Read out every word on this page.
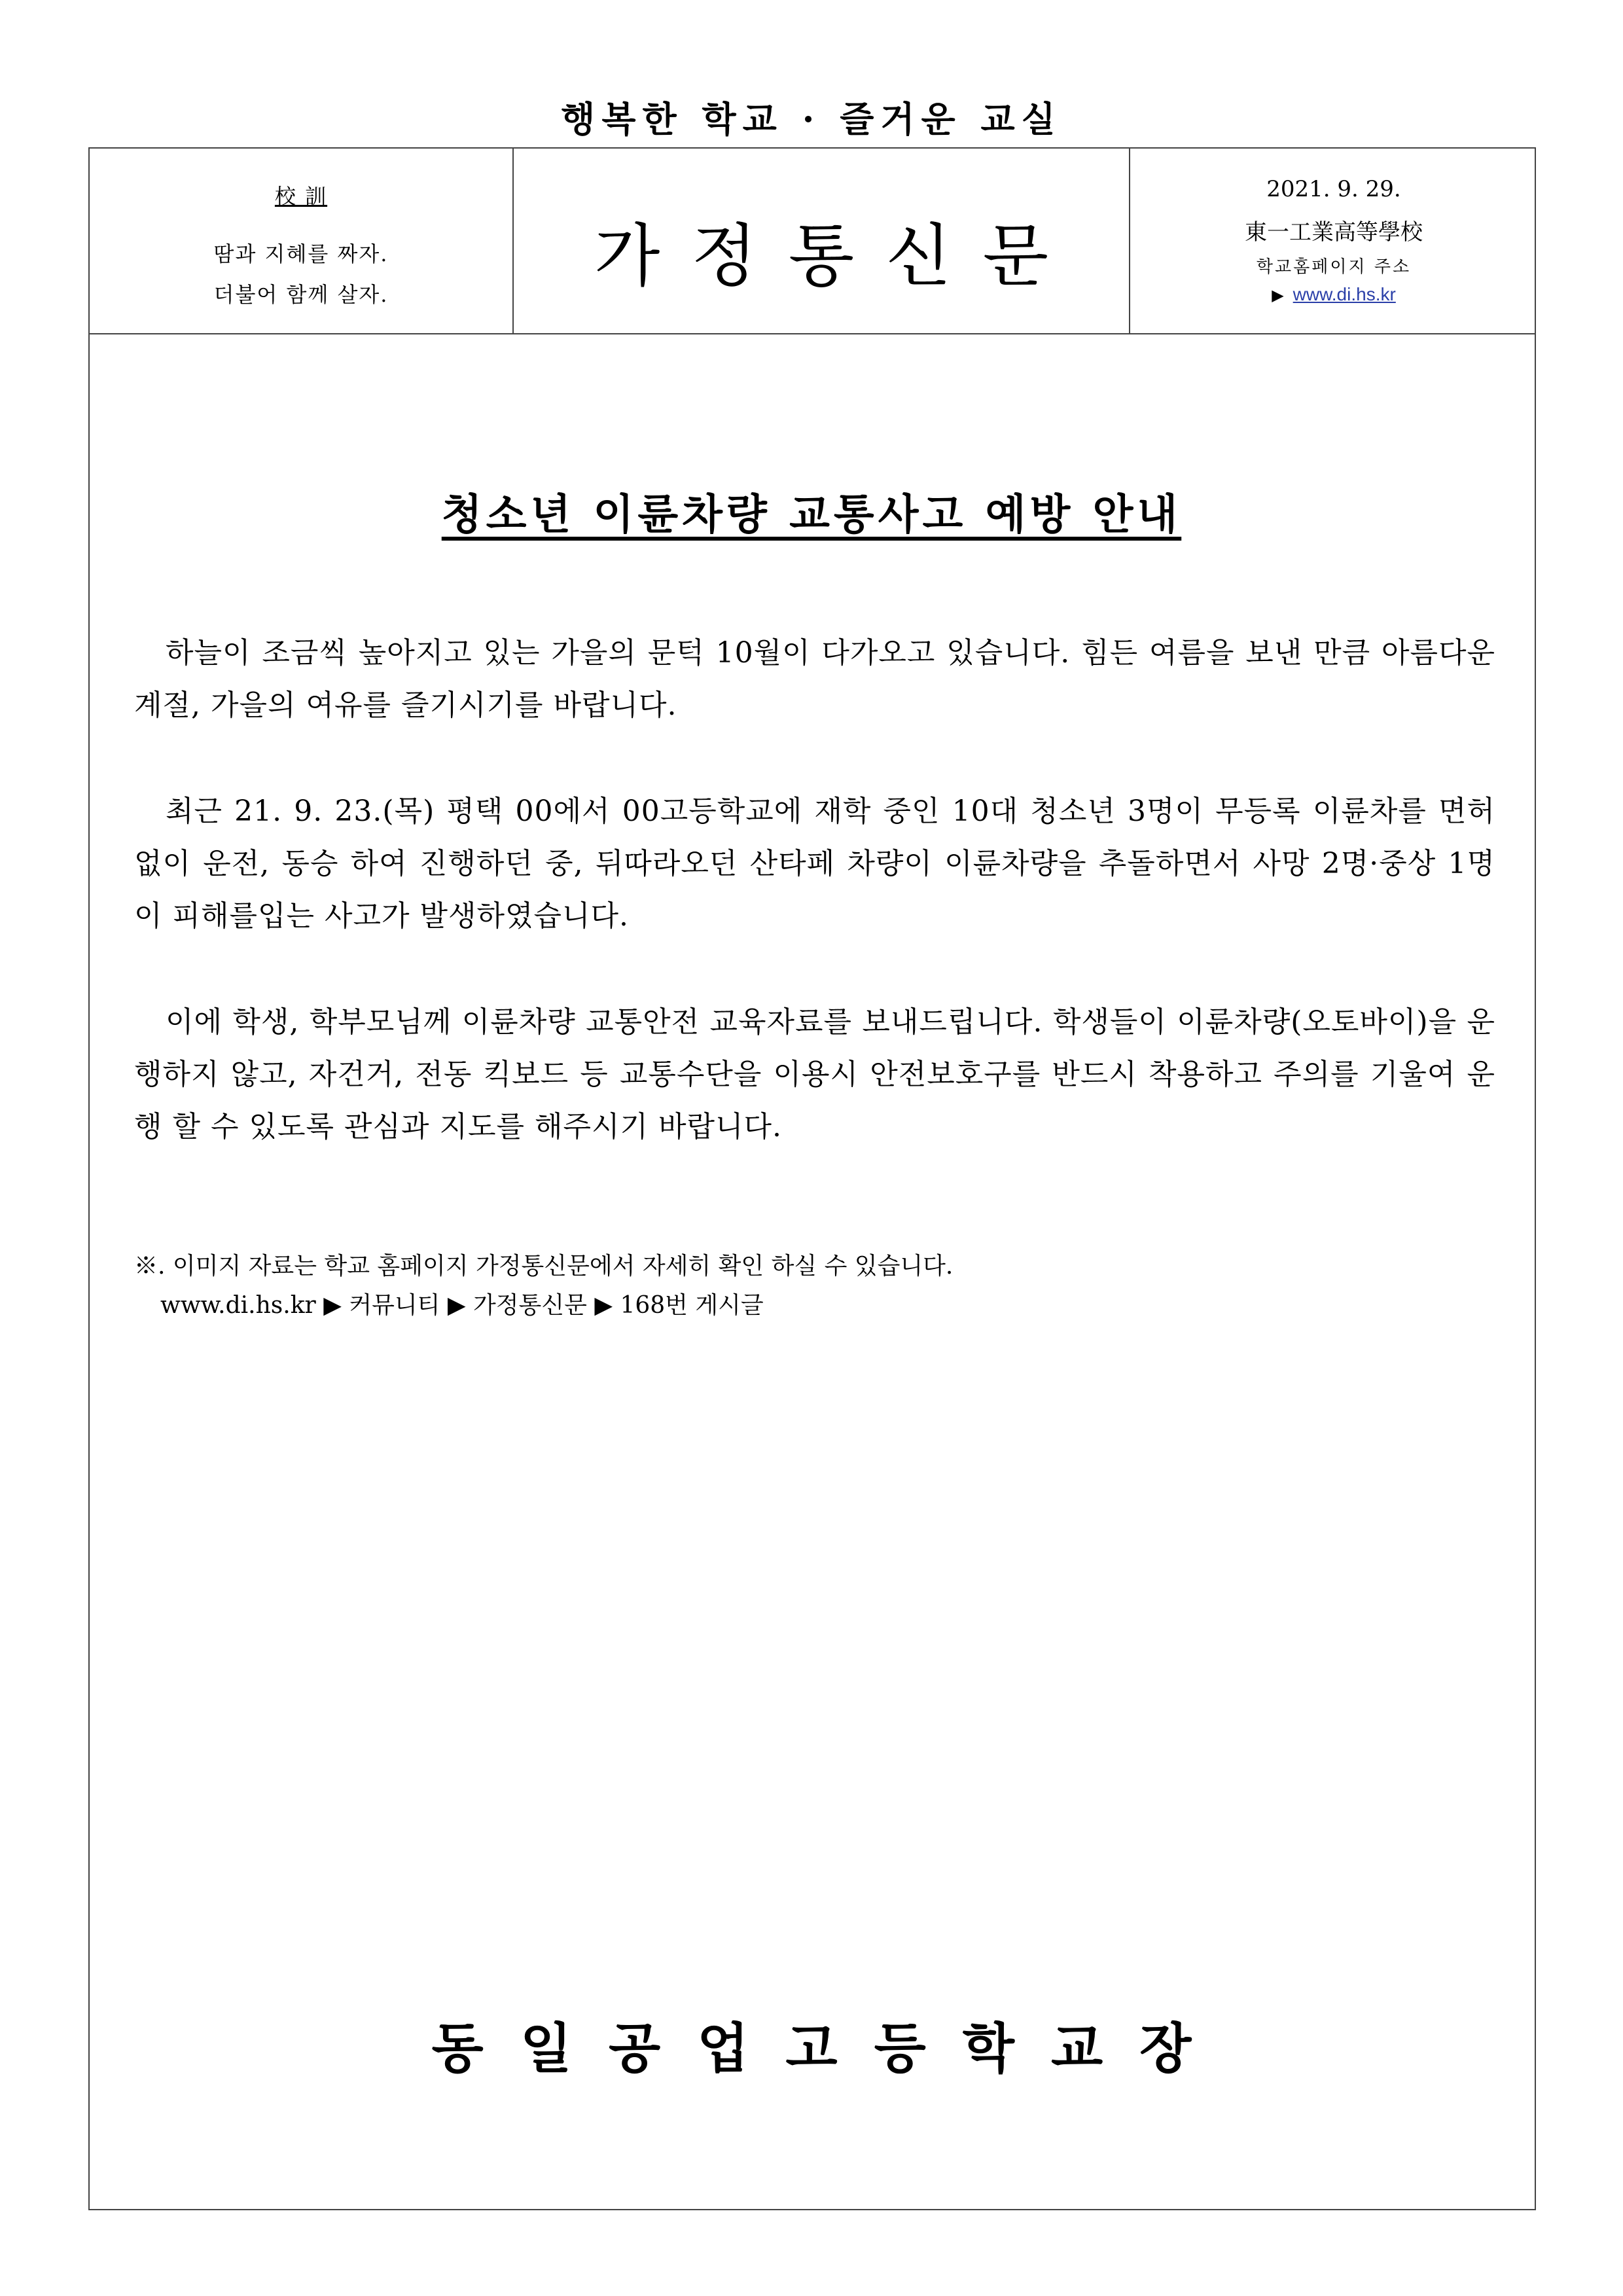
행복한 학교 · 즐거운 교실
校 訓
땀과 지혜를 짜자.
더불어 함께 살자.	가정통신문
2021. 9. 29.
東一工業高等學校
학교홈페이지 주소
▶ www.di.hs.kr
청소년 이륜차량 교통사고 예방 안내
하늘이 조금씩 높아지고 있는 가을의 문턱 10월이 다가오고 있습니다. 힘든 여름을 보낸 만큼 아름다운 계절, 가을의 여유를 즐기시기를 바랍니다.
최근 21. 9. 23.(목) 평택 00에서 00고등학교에 재학 중인 10대 청소년 3명이 무등록 이륜차를 면허 없이 운전, 동승 하여 진행하던 중, 뒤따라오던 산타페 차량이 이륜차량을 추돌하면서 사망 2명·중상 1명이 피해를입는 사고가 발생하였습니다.
이에 학생, 학부모님께 이륜차량 교통안전 교육자료를 보내드립니다. 학생들이 이륜차량(오토바이)을 운행하지 않고, 자건거, 전동 킥보드 등 교통수단을 이용시 안전보호구를 반드시 착용하고 주의를 기울여 운행 할 수 있도록 관심과 지도를 해주시기 바랍니다.
※. 이미지 자료는 학교 홈페이지 가정통신문에서 자세히 확인 하실 수 있습니다.
www.di.hs.kr ▶ 커뮤니티 ▶ 가정통신문 ▶ 168번 게시글
동일공업고등학교장
